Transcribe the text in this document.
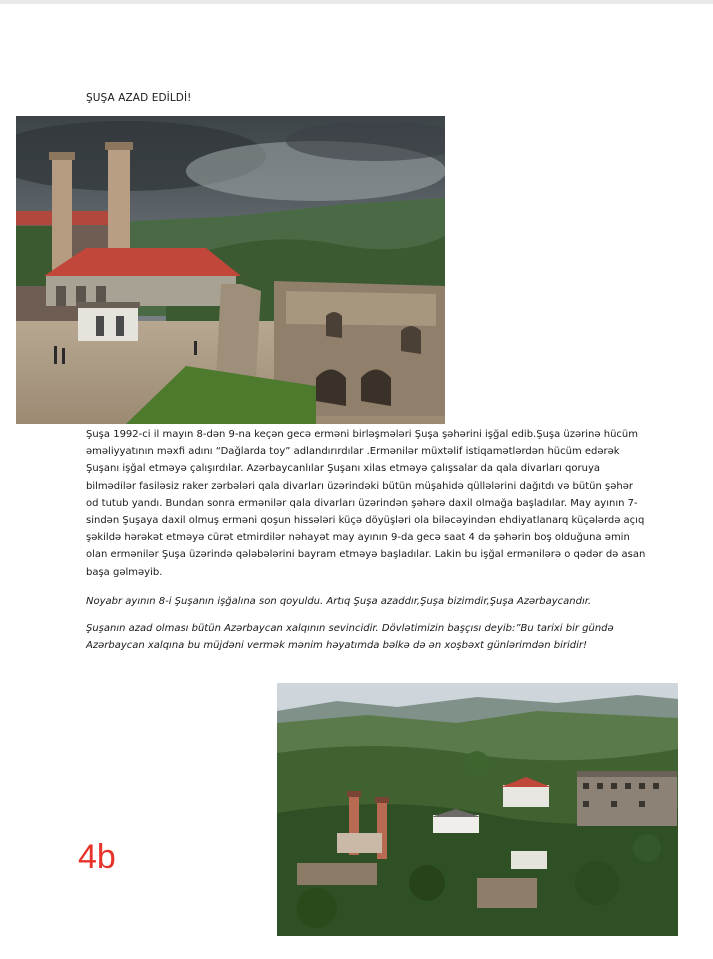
ŞUŞA AZAD EDİLDİ!
Şuşa 1992-ci il mayın 8-dən 9-na keçən gecə erməni birləşmələri Şuşa şəhərini işğal edib.Şuşa üzərinə hücüm əməliyyatının məxfi adını “Dağlarda toy” adlandırırdılar .Ermənilər müxtəlif istiqamətlərdən hücüm edərək Şuşanı işğal etməyə çalışırdılar. Azərbaycanlılar Şuşanı xilas etməyə çalışsalar da qala divarları qoruya bilmədilər fasiləsiz raker zərbələri qala divarları üzərindəki bütün müşahidə qüllələrini dağıtdı və bütün şəhər od tutub yandı. Bundan sonra ermənilər qala divarları üzərindən şəhərə daxil olmağa başladılar. May ayının 7-sindən Şuşaya daxil olmuş erməni qoşun hissələri küçə döyüşləri ola biləcəyindən ehdiyatlanarq küçələrdə açıq şəkildə hərəkət etməyə cürət etmirdilər nəhayət may ayının 9-da gecə saat 4 də şəhərin boş olduğuna əmin olan ermənilər Şuşa üzərində qələbələrini bayram etməyə başladılar. Lakin bu işğal ermənilərə o qədər də asan başa gəlməyib.
Noyabr ayının 8-i Şuşanın işğalına son qoyuldu. Artıq Şuşa azaddır,Şuşa bizimdir,Şuşa Azərbaycandır.
Şuşanın azad olması bütün Azərbaycan xalqının sevincidir. Dövlətimizin başçısı deyib:”Bu tarixi bir gündə Azərbaycan xalqına bu müjdəni vermək mənim həyatımda bəlkə də ən xoşbəxt günlərimdən biridir!
4b
